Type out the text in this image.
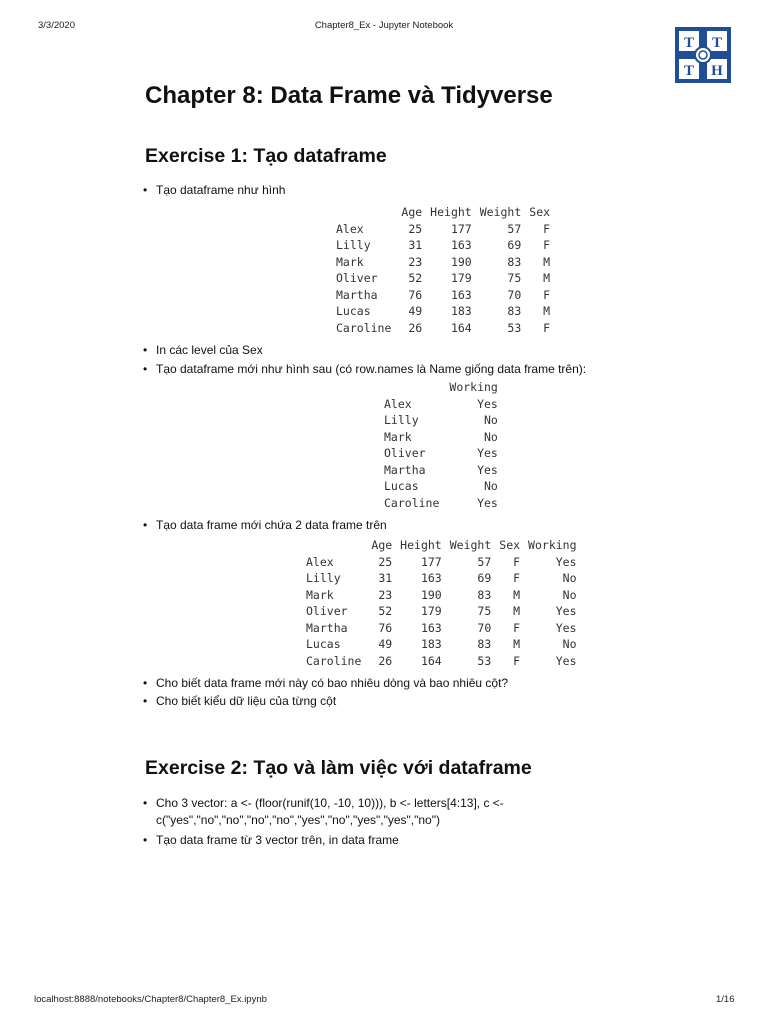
3/3/2020	Chapter8_Ex - Jupyter Notebook
T T
T H
Chapter 8: Data Frame và Tidyverse
Exercise 1: Tạo dataframe

• Tạo dataframe như hình

	Age	Height	Weight	Sex
Alex	25	177	57	F
Lilly	31	163	69	F
Mark	23	190	83	M
Oliver	52	179	75	M
Martha	76	163	70	F
Lucas	49	183	83	M
Caroline	26	164	53	F

• In các level của Sex

• Tạo dataframe mới như hình sau (có row.names là Name giống data frame trên):

	Working
Alex	Yes
Lilly	No
Mark	No
Oliver	Yes
Martha	Yes
Lucas	No
Caroline	Yes

• Tạo data frame mới chứa 2 data frame trên

	Age	Height	Weight	Sex	Working
Alex	25	177	57	F	Yes
Lilly	31	163	69	F	No
Mark	23	190	83	M	No
Oliver	52	179	75	M	Yes
Martha	76	163	70	F	Yes
Lucas	49	183	83	M	No
Caroline	26	164	53	F	Yes

• Cho biết data frame mới này có bao nhiêu dòng và bao nhiêu cột?

• Cho biết kiểu dữ liệu của từng cột

Exercise 2: Tạo và làm việc với dataframe

• Cho 3 vector: a <- (floor(runif(10, -10, 10))), b <- letters[4:13], c <- c("yes","no","no","no","no","yes","no","yes","yes","no")

• Tạo data frame từ 3 vector trên, in data frame

localhost:8888/notebooks/Chapter8/Chapter8_Ex.ipynb	1/16
